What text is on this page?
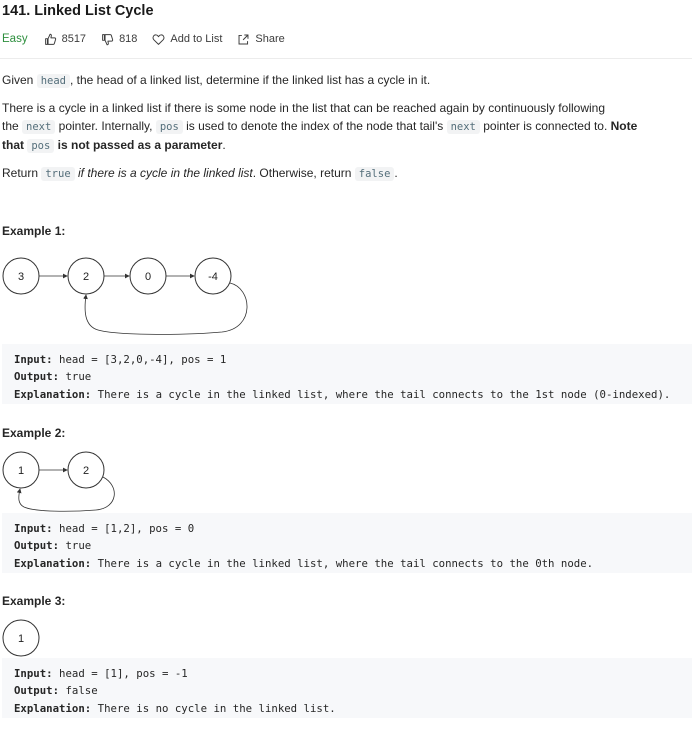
141. Linked List Cycle
Easy	8517	818	Add to List	Share
Given head , the head of a linked list, determine if the linked list has a cycle in it.
There is a cycle in a linked list if there is some node in the list that can be reached again by continuously following
the next pointer. Internally, pos is used to denote the index of the node that tail's next pointer is connected to. Note
that pos is not passed as a parameter.
Return true if there is a cycle in the linked list. Otherwise, return false .
Example 1:
3	2	0	-4
Input: head = [3,2,0,-4], pos = 1
Output: true
Explanation: There is a cycle in the linked list, where the tail connects to the 1st node (0-indexed).
Example 2:
1	2
Input: head = [1,2], pos = 0
Output: true
Explanation: There is a cycle in the linked list, where the tail connects to the 0th node.
Example 3:
1
Input: head = [1], pos = -1
Output: false
Explanation: There is no cycle in the linked list.
